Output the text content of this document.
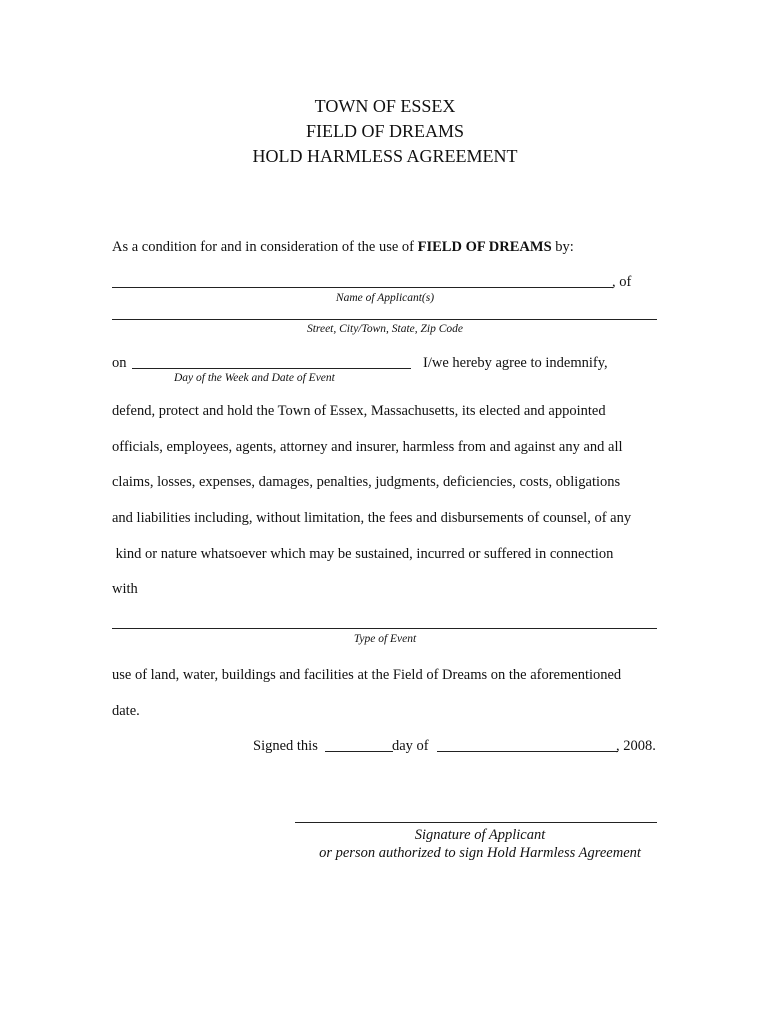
TOWN OF ESSEX
FIELD OF DREAMS
HOLD HARMLESS AGREEMENT
As a condition for and in consideration of the use of FIELD OF DREAMS by:
, of
Name of Applicant(s)
Street, City/Town, State, Zip Code
on	I/we hereby agree to indemnify,
Day of the Week and Date of Event
defend, protect and hold the Town of Essex, Massachusetts, its elected and appointed
officials, employees, agents, attorney and insurer, harmless from and against any and all
claims, losses, expenses, damages, penalties, judgments, deficiencies, costs, obligations
and liabilities including, without limitation, the fees and disbursements of counsel, of any
kind or nature whatsoever which may be sustained, incurred or suffered in connection
with
Type of Event
use of land, water, buildings and facilities at the Field of Dreams on the aforementioned
date.
Signed this	day of	, 2008.
Signature of Applicant
or person authorized to sign Hold Harmless Agreement
